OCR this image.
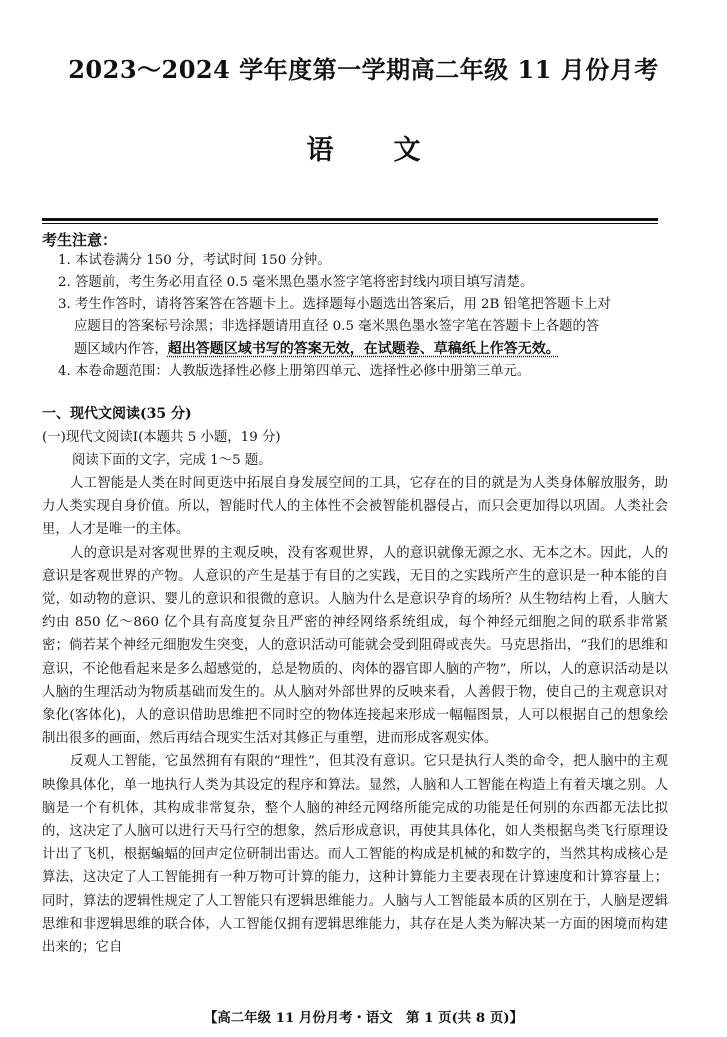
2023～2024 学年度第一学期高二年级 11 月份月考
语文
考生注意：
1. 本试卷满分 150 分，考试时间 150 分钟。
2. 答题前，考生务必用直径 0.5 毫米黑色墨水签字笔将密封线内项目填写清楚。
3. 考生作答时，请将答案答在答题卡上。选择题每小题选出答案后，用 2B 铅笔把答题卡上对
应题目的答案标号涂黑；非选择题请用直径 0.5 毫米黑色墨水签字笔在答题卡上各题的答
题区域内作答，超出答题区域书写的答案无效，在试题卷、草稿纸上作答无效。
4. 本卷命题范围：人教版选择性必修上册第四单元、选择性必修中册第三单元。
一、现代文阅读(35 分)
(一)现代文阅读Ⅰ(本题共 5 小题，19 分)
阅读下面的文字，完成 1～5 题。

人工智能是人类在时间更迭中拓展自身发展空间的工具，它存在的目的就是为人类身体解放服务，助力人类实现自身价值。所以，智能时代人的主体性不会被智能机器侵占，而只会更加得以巩固。人类社会里，人才是唯一的主体。

人的意识是对客观世界的主观反映，没有客观世界，人的意识就像无源之水、无本之木。因此，人的意识是客观世界的产物。人意识的产生是基于有目的之实践，无目的之实践所产生的意识是一种本能的自觉，如动物的意识、婴儿的意识和很微的意识。人脑为什么是意识孕育的场所？从生物结构上看，人脑大约由 850 亿～860 亿个具有高度复杂且严密的神经网络系统组成，每个神经元细胞之间的联系非常紧密；倘若某个神经元细胞发生突变，人的意识活动可能就会受到阻碍或丧失。马克思指出，“我们的思维和意识，不论他看起来是多么超感觉的，总是物质的、肉体的器官即人脑的产物”，所以，人的意识活动是以人脑的生理活动为物质基础而发生的。从人脑对外部世界的反映来看，人善假于物，使自己的主观意识对象化(客体化)，人的意识借助思维把不同时空的物体连接起来形成一幅幅图景，人可以根据自己的想象绘制出很多的画面，然后再结合现实生活对其修正与重塑，进而形成客观实体。

反观人工智能，它虽然拥有有限的“理性”，但其没有意识。它只是执行人类的命令，把人脑中的主观映像具体化，单一地执行人类为其设定的程序和算法。显然，人脑和人工智能在构造上有着天壤之别。人脑是一个有机体，其构成非常复杂，整个人脑的神经元网络所能完成的功能是任何别的东西都无法比拟的，这决定了人脑可以进行天马行空的想象，然后形成意识，再使其具体化，如人类根据鸟类飞行原理设计出了飞机，根据蝙蝠的回声定位研制出雷达。而人工智能的构成是机械的和数字的，当然其构成核心是算法，这决定了人工智能拥有一种万物可计算的能力，这种计算能力主要表现在计算速度和计算容量上；同时，算法的逻辑性规定了人工智能只有逻辑思维能力。人脑与人工智能最本质的区别在于，人脑是逻辑思维和非逻辑思维的联合体，人工智能仅拥有逻辑思维能力，其存在是人类为解决某一方面的困境而构建出来的；它自

【高二年级 11 月份月考・语文　第 1 页(共 8 页)】
